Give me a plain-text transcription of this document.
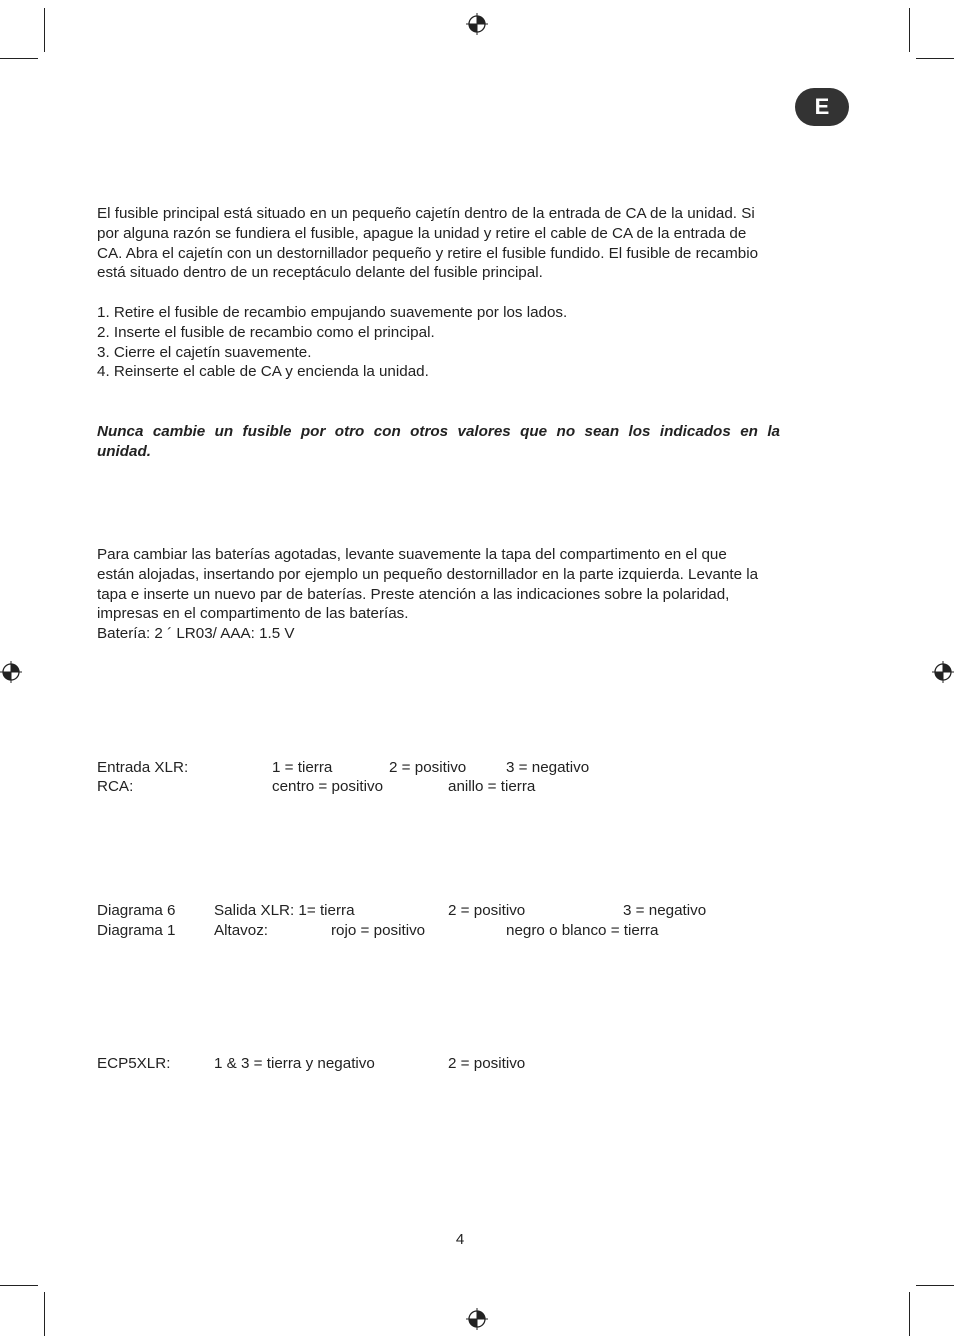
E
El fusible principal está situado en un pequeño cajetín dentro de la entrada de CA de la unidad. Si
por alguna razón se fundiera el fusible, apague la unidad y retire el cable de CA de la entrada de
CA. Abra el cajetín con un destornillador pequeño y retire el fusible fundido. El fusible de recambio
está situado dentro de un receptáculo delante del fusible principal.
1. Retire el fusible de recambio empujando suavemente por los lados.
2. Inserte el fusible de recambio como el principal.
3. Cierre el cajetín suavemente.
4. Reinserte el cable de CA y encienda la unidad.
Nunca cambie un fusible por otro con otros valores que no sean los indicados en la
unidad.
Para cambiar las baterías agotadas, levante suavemente la tapa del compartimento en el que
están alojadas, insertando por ejemplo un pequeño destornillador en la parte izquierda. Levante la
tapa e inserte un nuevo par de baterías. Preste atención a las indicaciones sobre la polaridad,
impresas en el compartimento de las baterías.
Batería: 2 ´ LR03/ AAA: 1.5 V
Entrada XLR:	1 = tierra	2 = positivo	3 = negativo
RCA:	centro = positivo	anillo = tierra
Diagrama 6	Salida XLR: 1= tierra	2 = positivo	3 = negativo
Diagrama 1	Altavoz:	rojo = positivo	negro o blanco = tierra
ECP5XLR:	1 & 3 = tierra y negativo	2 = positivo
4
